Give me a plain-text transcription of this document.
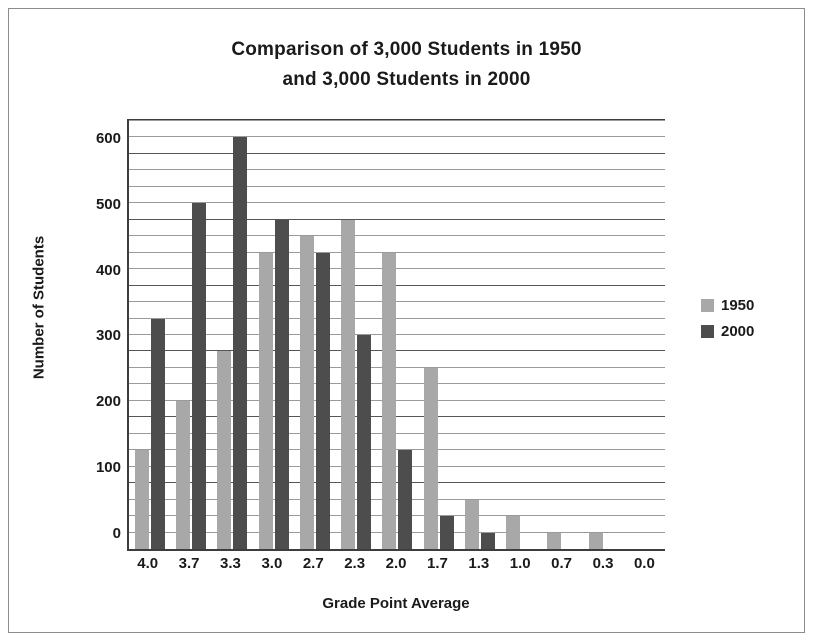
Comparison of 3,000 Students in 1950
and 3,000 Students in 2000
Number of Students
0
100
200
300
400
500
600
4.0	3.7	3.3	3.0	2.7	2.3	2.0	1.7	1.3	1.0	0.7	0.3	0.0
Grade Point Average
1950
2000
